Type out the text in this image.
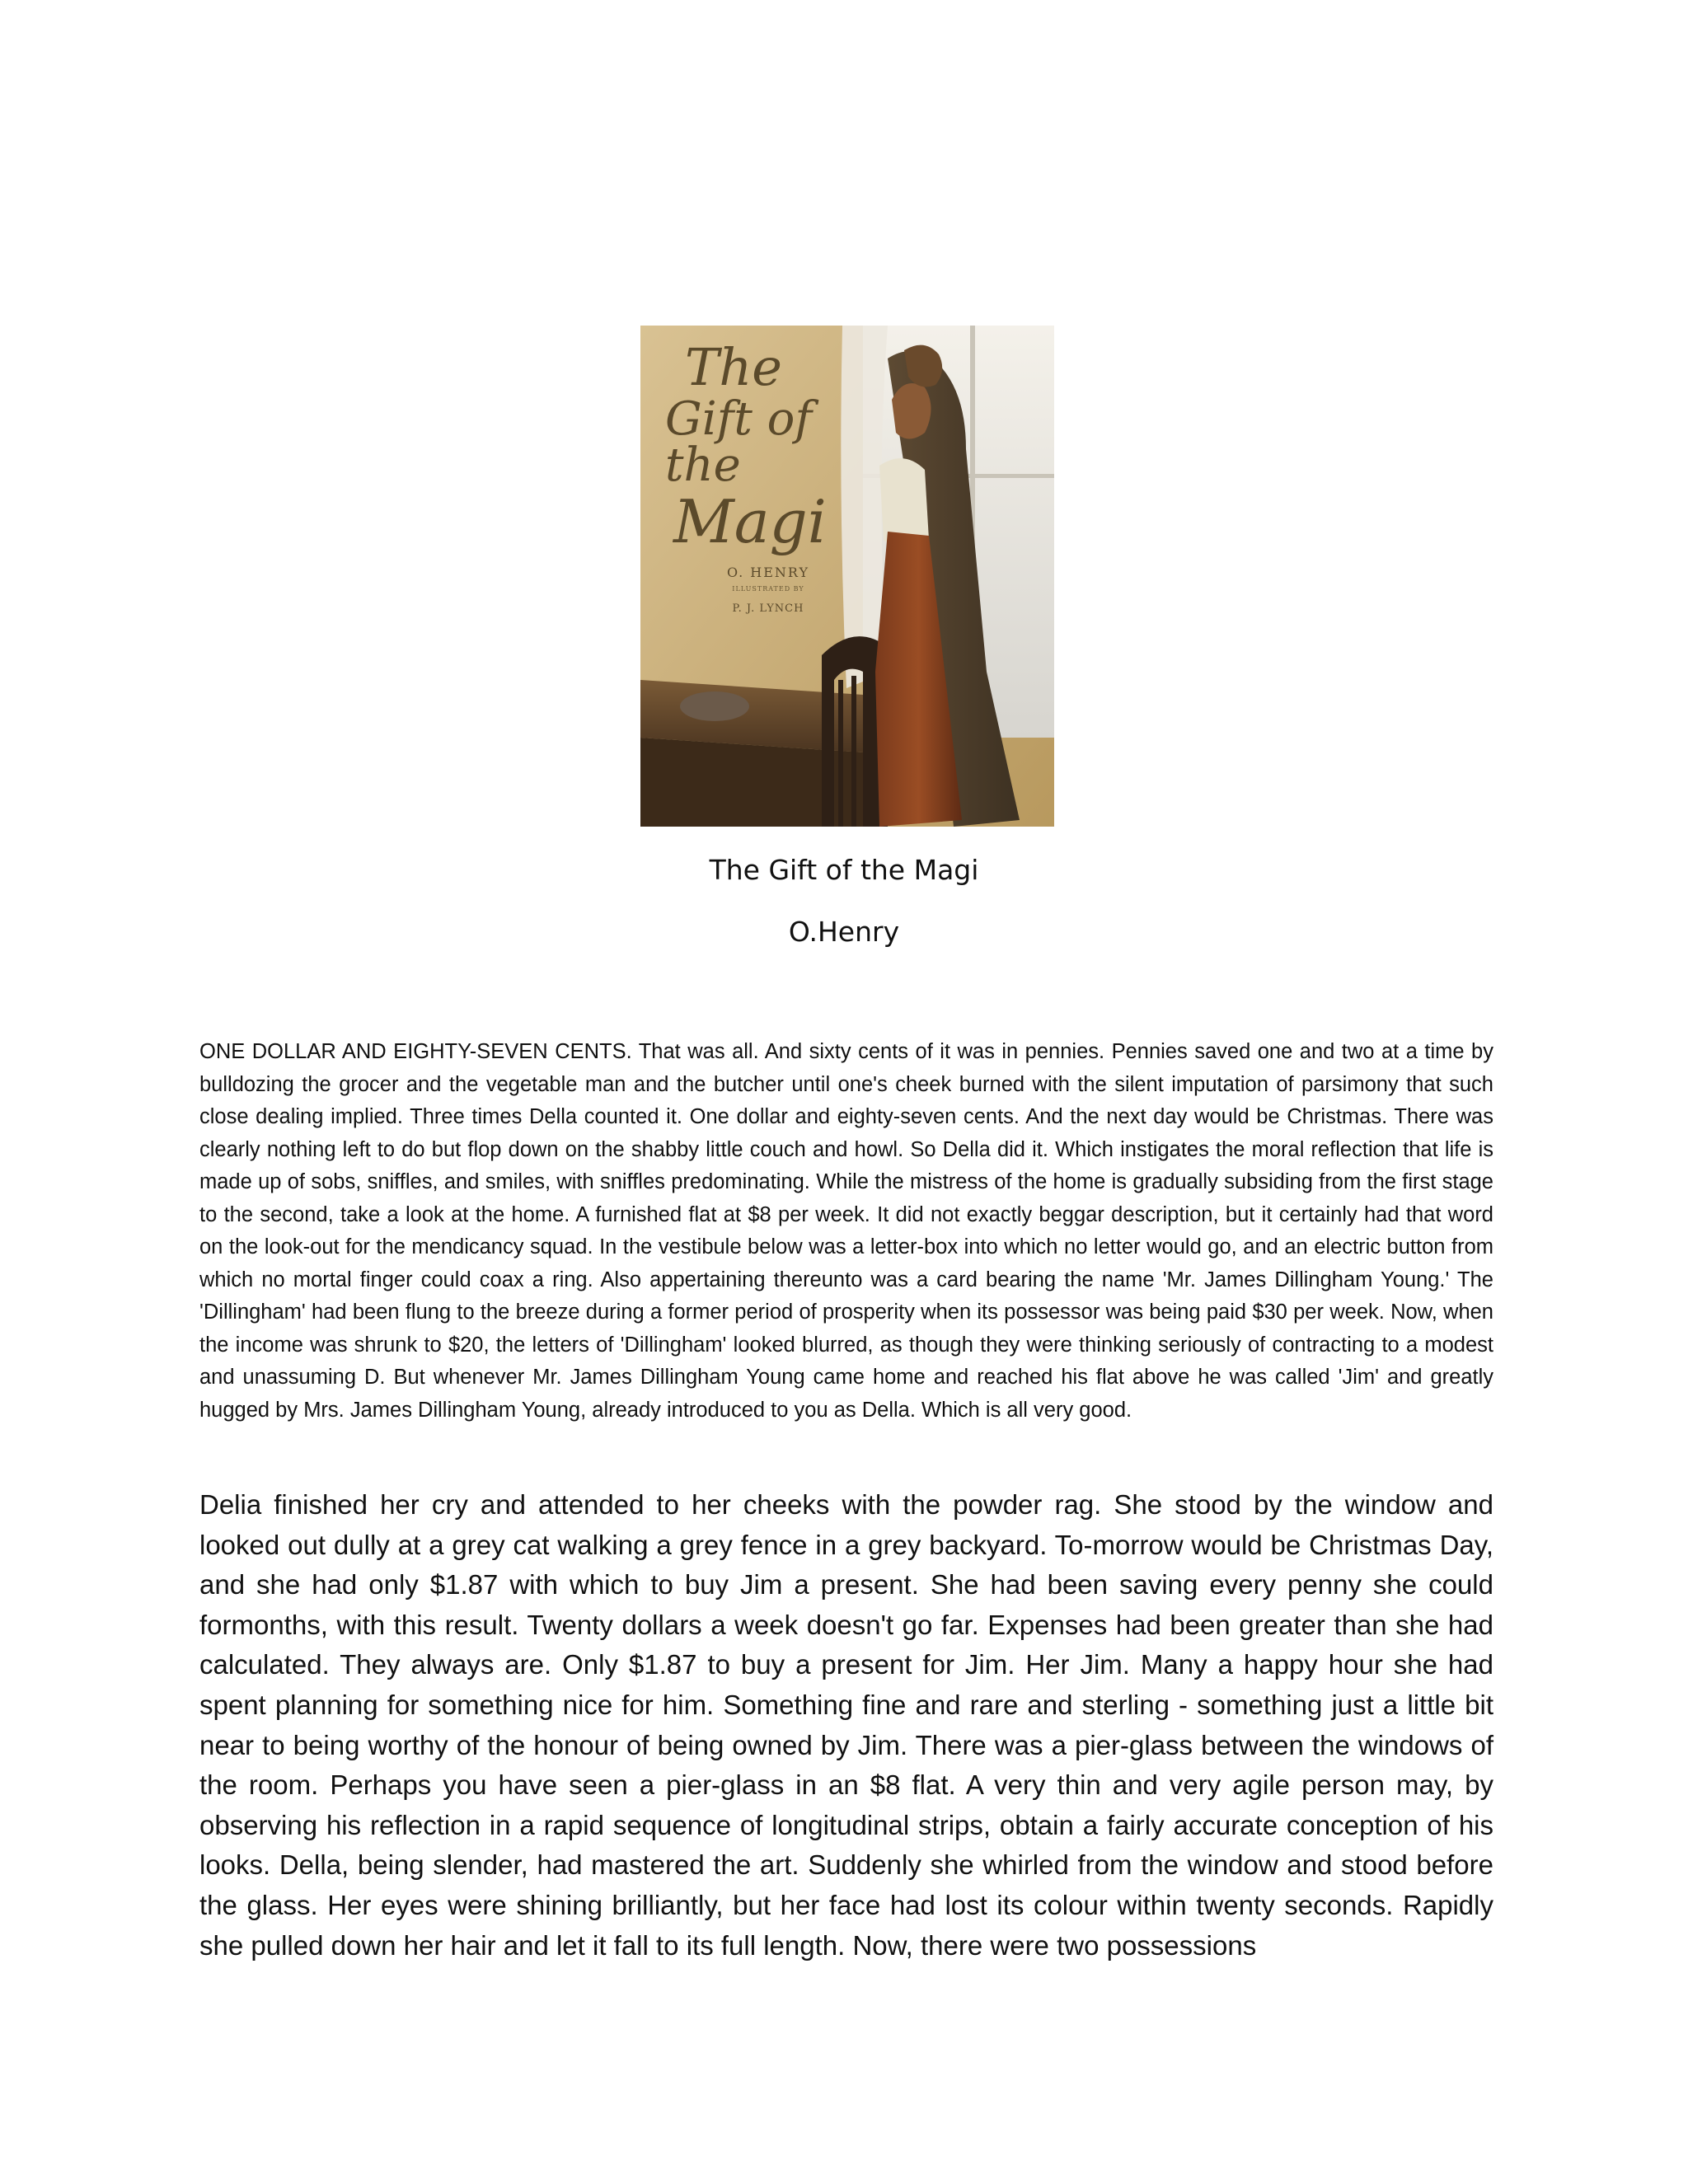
The
Gift of the
Magi
O. HENRY
ILLUSTRATED BY
P. J. LYNCH
The Gift of the Magi
O.Henry

ONE DOLLAR AND EIGHTY-SEVEN CENTS. That was all. And sixty cents of it was in pennies. Pennies saved one and two at a time by bulldozing the grocer and the vegetable man and the butcher until one's cheek burned with the silent imputation of parsimony that such close dealing implied. Three times Della counted it. One dollar and eighty-seven cents. And the next day would be Christmas. There was clearly nothing left to do but flop down on the shabby little couch and howl. So Della did it. Which instigates the moral reflection that life is made up of sobs, sniffles, and smiles, with sniffles predominating. While the mistress of the home is gradually subsiding from the first stage to the second, take a look at the home. A furnished flat at $8 per week. It did not exactly beggar description, but it certainly had that word on the look-out for the mendicancy squad. In the vestibule below was a letter-box into which no letter would go, and an electric button from which no mortal finger could coax a ring. Also appertaining thereunto was a card bearing the name 'Mr. James Dillingham Young.' The 'Dillingham' had been flung to the breeze during a former period of prosperity when its possessor was being paid $30 per week. Now, when the income was shrunk to $20, the letters of 'Dillingham' looked blurred, as though they were thinking seriously of contracting to a modest and unassuming D. But whenever Mr. James Dillingham Young came home and reached his flat above he was called 'Jim' and greatly hugged by Mrs. James Dillingham Young, already introduced to you as Della. Which is all very good.

Delia finished her cry and attended to her cheeks with the powder rag. She stood by the window and looked out dully at a grey cat walking a grey fence in a grey backyard. To-morrow would be Christmas Day, and she had only $1.87 with which to buy Jim a present. She had been saving every penny she could formonths, with this result. Twenty dollars a week doesn't go far. Expenses had been greater than she had calculated. They always are. Only $1.87 to buy a present for Jim. Her Jim. Many a happy hour she had spent planning for something nice for him. Something fine and rare and sterling - something just a little bit near to being worthy of the honour of being owned by Jim. There was a pier-glass between the windows of the room. Perhaps you have seen a pier-glass in an $8 flat. A very thin and very agile person may, by observing his reflection in a rapid sequence of longitudinal strips, obtain a fairly accurate conception of his looks. Della, being slender, had mastered the art. Suddenly she whirled from the window and stood before the glass. Her eyes were shining brilliantly, but her face had lost its colour within twenty seconds. Rapidly she pulled down her hair and let it fall to its full length. Now, there were two possessions
